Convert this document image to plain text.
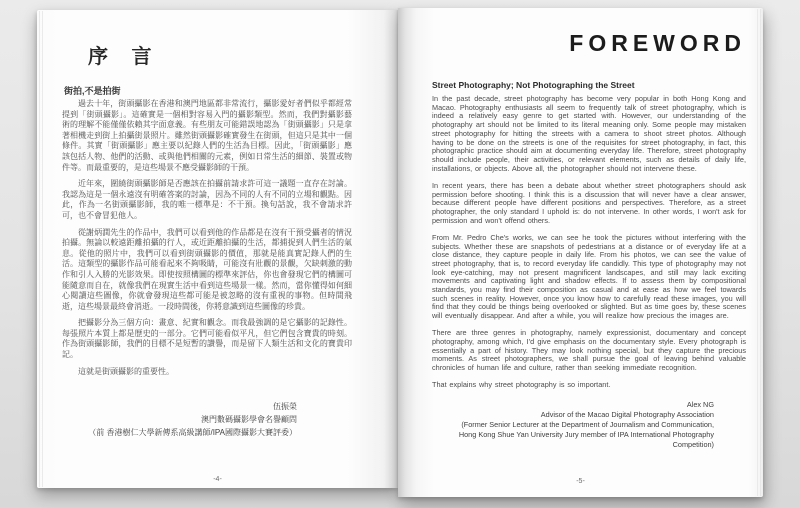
序 言
街拍,不是拍街

過去十年，街頭攝影在香港和澳門地區都非常流行，攝影愛好者們似乎都經常提到「街頭攝影」。這確實是一個相對容易入門的攝影類型。然而，我們對攝影藝術的理解不能僅僅依賴其字面意義。有些朋友可能錯誤地認為「街頭攝影」只是拿著相機走到街上拍攝街景照片。雖然街頭攝影確實發生在街頭，但這只是其中一個條件。其實「街頭攝影」應主要以紀錄人們的生活為目標。因此，「街頭攝影」應該包括人物、他們的活動、或與他們相關的元素，例如日常生活的細節、裝置或物件等。而最重要的，是這些場景不應受攝影師的干預。

近年來，圍繞街頭攝影師是否應該在拍攝前請求許可這一議題一直存在討論。我認為這是一個永遠沒有明確答案的討論，因為不同的人有不同的立場和觀點。因此，作為一名街頭攝影師，我的唯一標準是：不干預。換句話說，我不會請求許可，也不會冒犯他人。

從謝炳潤先生的作品中，我們可以看到他的作品都是在沒有干預受攝者的情況拍攝。無論以較遠距離拍攝的行人，或近距離拍攝的生活，都捕捉到人們生活的氣息。從他的照片中，我們可以看到街頭攝影的價值，那就是能真實記錄人們的生活。這類型的攝影作品可能看起來不夠吸睛，可能沒有壯觀的景觀，欠缺刺激的動作和引人入勝的光影效果。即使按照構圖的標準來評估，你也會發現它們的構圖可能隨意而自在，就像我們在現實生活中看到這些場景一樣。然而，當你懂得如何細心閱讀這些圖像，你就會發現這些都可能是被忽略的沒有重視的事物。但時間飛逝，這些場景最終會消逝。一段時間後，你將意識到這些圖像的珍貴。

把攝影分為三個方向：畫意、紀實和觀念。而我最強調的是它攝影的記錄性。每張照片本質上都是歷史的一部分。它們可能看似平凡，但它們包含寶貴的時刻。作為街頭攝影師，我們的目標不是短暫的讚譽，而是留下人類生活和文化的寶貴印記。

這就是街頭攝影的重要性。

伍振榮
澳門數碼攝影學會名譽顧問
（前 香港樹仁大學新傳系高級講師/IPA國際攝影大賽評委）
-4-
FOREWORD
Street Photography; Not Photographing the Street

In the past decade, street photography has become very popular in both Hong Kong and Macao. Photography enthusiasts all seem to frequently talk of street photography, which is indeed a relatively easy genre to get started with. However, our understanding of the photography art should not be limited to its literal meaning only. Some people may mistaken street photography for hitting the streets with a camera to shoot street photos. Although having to be done on the streets is one of the requisites for street photography, in fact, this photographic practice should aim at documenting everyday life. Therefore, street photography should include people, their activities, or relevant elements, such as details of daily life, installations, or objects. Above all, the photographer should not intervene these.

In recent years, there has been a debate about whether street photographers should ask permission before shooting. I think this is a discussion that will never have a clear answer, because different people have different positions and perspectives. Therefore, as a street photographer, the only standard I uphold is: do not intervene. In other words, I won't ask for permission and won't offend others.

From Mr. Pedro Che's works, we can see he took the pictures without interfering with the subjects. Whether these are snapshots of pedestrians at a distance or of everyday life at a close distance, they capture people in daily life. From his photos, we can see the value of street photography, that is, to record everyday life candidly. This type of photography may not look eye-catching, may not present magnificent landscapes, and still may lack exciting movements and captivating light and shadow effects. If to assess them by compositional standards, you may find their composition as casual and at ease as how we feel towards such scenes in reality. However, once you know how to carefully read these images, you will find that they could be things being overlooked or slighted. But as time goes by, these scenes will eventually disappear. And after a while, you will realize how precious the images are.

There are three genres in photography, namely expressionist, documentary and concept photography, among which, I'd give emphasis on the documentary style. Every photograph is essentially a part of history. They may look nothing special, but they capture the precious moments. As street photographers, we shall pursue the goal of leaving behind valuable chronicles of human life and culture, rather than seeking immediate recognition.

That explains why street photography is so important.

Alex NG
Advisor of the Macao Digital Photography Association
(Former Senior Lecturer at the Department of Journalism and Communication,
Hong Kong Shue Yan University Jury member of IPA International Photography Competition)
-5-
